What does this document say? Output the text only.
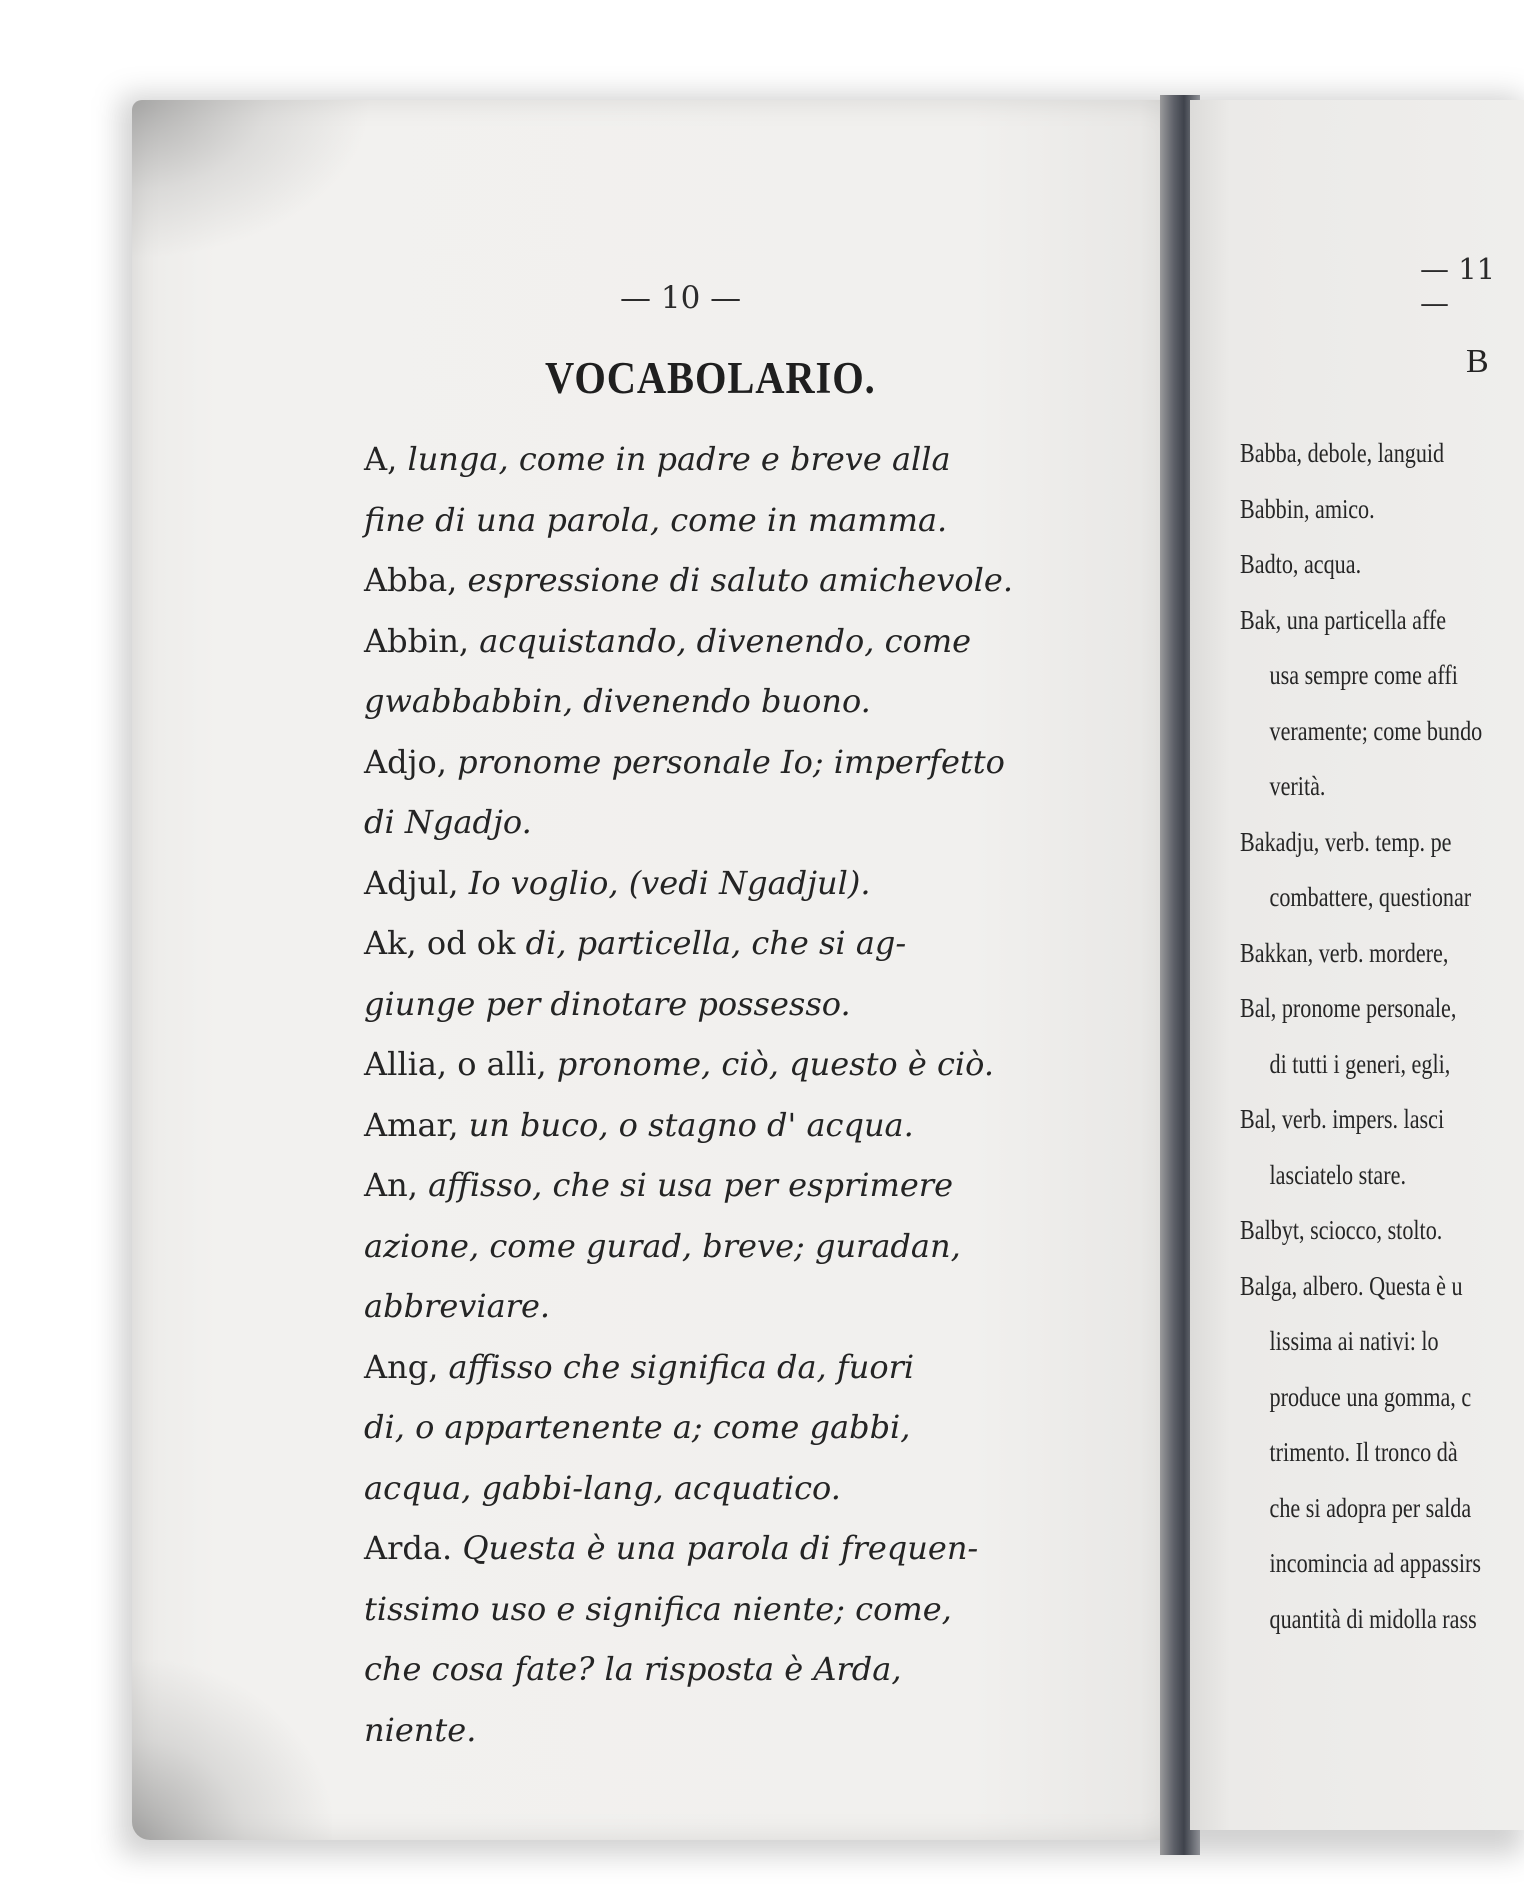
— 10 —
VOCABOLARIO.

A, lunga, come in padre e breve alla

fine di una parola, come in mamma.

Abba, espressione di saluto amichevole.

Abbin, acquistando, divenendo, come

gwabbabbin, divenendo buono.

Adjo, pronome personale Io; imperfetto

di Ngadjo.

Adjul, Io voglio, (vedi Ngadjul).

Ak, od ok di, particella, che si ag-

giunge per dinotare possesso.

Allia, o alli, pronome, ciò, questo è ciò.

Amar, un buco, o stagno d' acqua.

An, affisso, che si usa per esprimere

azione, come gurad, breve; guradan,

abbreviare.

Ang, affisso che significa da, fuori

di, o appartenente a; come gabbi,

acqua, gabbi-lang, acquatico.

Arda. Questa è una parola di frequen-

tissimo uso e significa niente; come,

che cosa fate? la risposta è Arda,

niente.

— 11 —
B
Babba, debole, languid
Babbin, amico.
Badto, acqua.
Bak, una particella affe
usa sempre come affi
veramente; come bundo
verità.
Bakadju, verb. temp. pe
combattere, questionar
Bakkan, verb. mordere,
Bal, pronome personale,
di tutti i generi, egli,
Bal, verb. impers. lasci
lasciatelo stare.
Balbyt, sciocco, stolto.
Balga, albero. Questa è u
lissima ai nativi: lo
produce una gomma, c
trimento. Il tronco dà
che si adopra per salda
incomincia ad appassirs
quantità di midolla rass
